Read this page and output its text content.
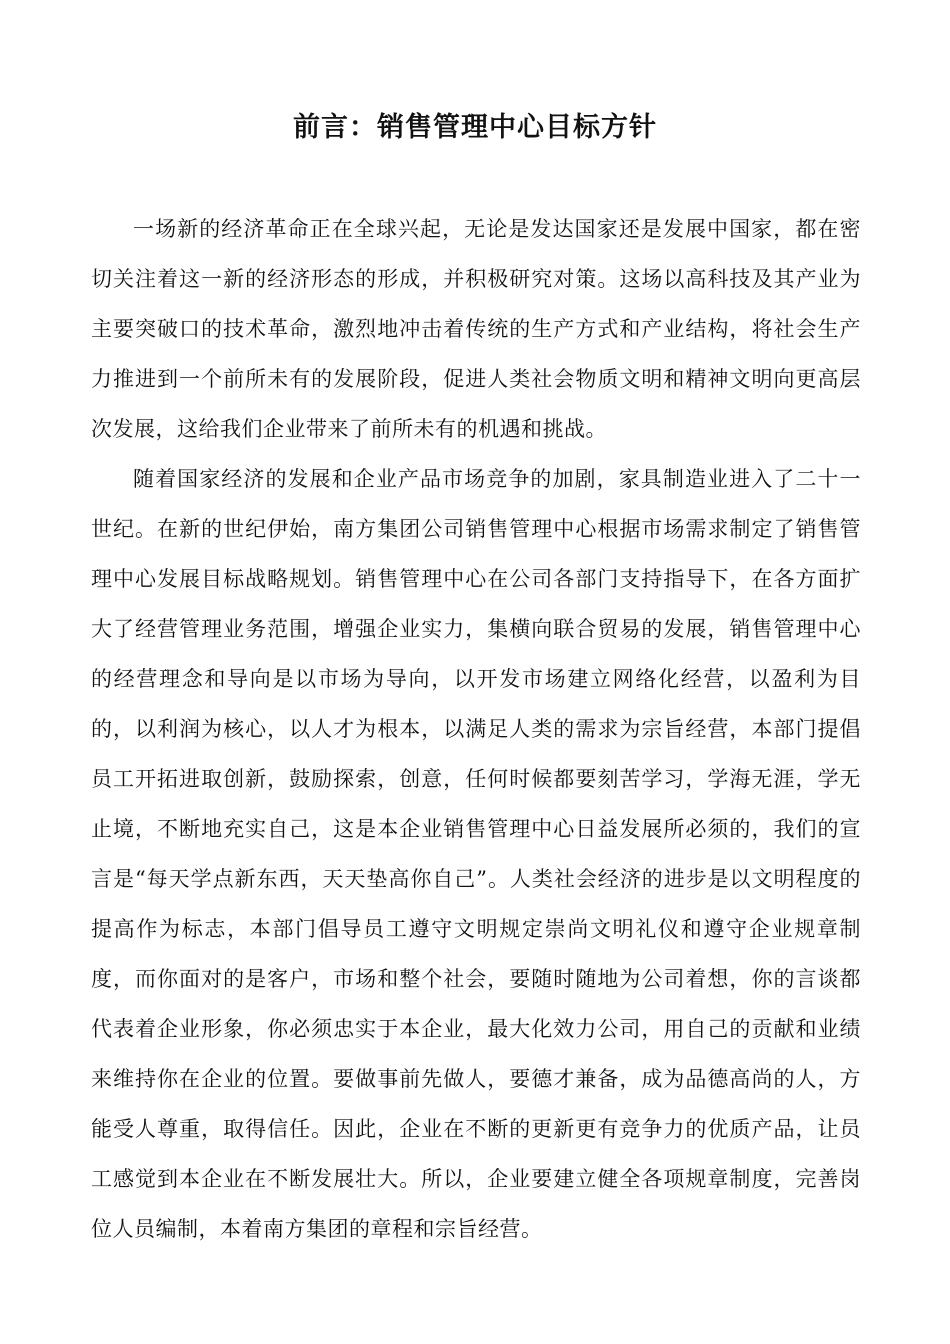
前言：销售管理中心目标方针

一场新的经济革命正在全球兴起，无论是发达国家还是发展中国家，都在密切关注着这一新的经济形态的形成，并积极研究对策。这场以高科技及其产业为主要突破口的技术革命，激烈地冲击着传统的生产方式和产业结构，将社会生产力推进到一个前所未有的发展阶段，促进人类社会物质文明和精神文明向更高层次发展，这给我们企业带来了前所未有的机遇和挑战。

随着国家经济的发展和企业产品市场竞争的加剧，家具制造业进入了二十一世纪。在新的世纪伊始，南方集团公司销售管理中心根据市场需求制定了销售管理中心发展目标战略规划。销售管理中心在公司各部门支持指导下，在各方面扩大了经营管理业务范围，增强企业实力，集横向联合贸易的发展，销售管理中心的经营理念和导向是以市场为导向，以开发市场建立网络化经营，以盈利为目的，以利润为核心，以人才为根本，以满足人类的需求为宗旨经营，本部门提倡员工开拓进取创新，鼓励探索，创意，任何时候都要刻苦学习，学海无涯，学无止境，不断地充实自己，这是本企业销售管理中心日益发展所必须的，我们的宣言是“每天学点新东西，天天垫高你自己”。人类社会经济的进步是以文明程度的提高作为标志，本部门倡导员工遵守文明规定崇尚文明礼仪和遵守企业规章制度，而你面对的是客户，市场和整个社会，要随时随地为公司着想，你的言谈都代表着企业形象，你必须忠实于本企业，最大化效力公司，用自己的贡献和业绩来维持你在企业的位置。要做事前先做人，要德才兼备，成为品德高尚的人，方能受人尊重，取得信任。因此，企业在不断的更新更有竞争力的优质产品，让员工感觉到本企业在不断发展壮大。所以，企业要建立健全各项规章制度，完善岗位人员编制，本着南方集团的章程和宗旨经营。
